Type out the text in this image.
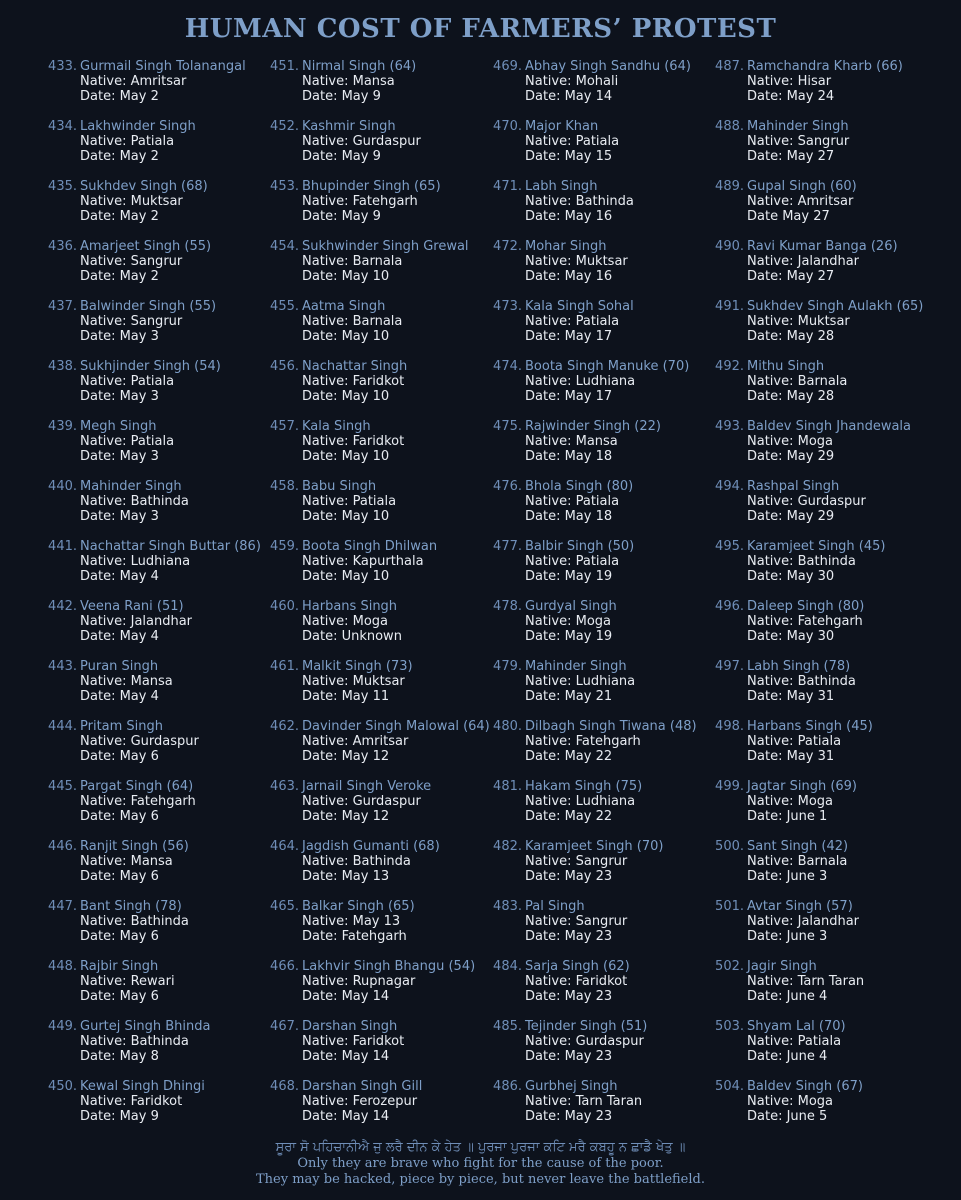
HUMAN COST OF FARMERS’ PROTEST
433. Gurmail Singh Tolanangal
Native: Amritsar
Date: May 2
434. Lakhwinder Singh
Native: Patiala
Date: May 2
435. Sukhdev Singh (68)
Native: Muktsar
Date: May 2
436. Amarjeet Singh (55)
Native: Sangrur
Date: May 2
437. Balwinder Singh (55)
Native: Sangrur
Date: May 3
438. Sukhjinder Singh (54)
Native: Patiala
Date: May 3
439. Megh Singh
Native: Patiala
Date: May 3
440. Mahinder Singh
Native: Bathinda
Date: May 3
441. Nachattar Singh Buttar (86)
Native: Ludhiana
Date: May 4
442. Veena Rani (51)
Native: Jalandhar
Date: May 4
443. Puran Singh
Native: Mansa
Date: May 4
444. Pritam Singh
Native: Gurdaspur
Date: May 6
445. Pargat Singh (64)
Native: Fatehgarh
Date: May 6
446. Ranjit Singh (56)
Native: Mansa
Date: May 6
447. Bant Singh (78)
Native: Bathinda
Date: May 6
448. Rajbir Singh
Native: Rewari
Date: May 6
449. Gurtej Singh Bhinda
Native: Bathinda
Date: May 8
450. Kewal Singh Dhingi
Native: Faridkot
Date: May 9
451. Nirmal Singh (64)
Native: Mansa
Date: May 9
452. Kashmir Singh
Native: Gurdaspur
Date: May 9
453. Bhupinder Singh (65)
Native: Fatehgarh
Date: May 9
454. Sukhwinder Singh Grewal
Native: Barnala
Date: May 10
455. Aatma Singh
Native: Barnala
Date: May 10
456. Nachattar Singh
Native: Faridkot
Date: May 10
457. Kala Singh
Native: Faridkot
Date: May 10
458. Babu Singh
Native: Patiala
Date: May 10
459. Boota Singh Dhilwan
Native: Kapurthala
Date: May 10
460. Harbans Singh
Native: Moga
Date: Unknown
461. Malkit Singh (73)
Native: Muktsar
Date: May 11
462. Davinder Singh Malowal (64)
Native: Amritsar
Date: May 12
463. Jarnail Singh Veroke
Native: Gurdaspur
Date: May 12
464. Jagdish Gumanti (68)
Native: Bathinda
Date: May 13
465. Balkar Singh (65)
Native: May 13
Date: Fatehgarh
466. Lakhvir Singh Bhangu (54)
Native: Rupnagar
Date: May 14
467. Darshan Singh
Native: Faridkot
Date: May 14
468. Darshan Singh Gill
Native: Ferozepur
Date: May 14
469. Abhay Singh Sandhu (64)
Native: Mohali
Date: May 14
470. Major Khan
Native: Patiala
Date: May 15
471. Labh Singh
Native: Bathinda
Date: May 16
472. Mohar Singh
Native: Muktsar
Date: May 16
473. Kala Singh Sohal
Native: Patiala
Date: May 17
474. Boota Singh Manuke (70)
Native: Ludhiana
Date: May 17
475. Rajwinder Singh (22)
Native: Mansa
Date: May 18
476. Bhola Singh (80)
Native: Patiala
Date: May 18
477. Balbir Singh (50)
Native: Patiala
Date: May 19
478. Gurdyal Singh
Native: Moga
Date: May 19
479. Mahinder Singh
Native: Ludhiana
Date: May 21
480. Dilbagh Singh Tiwana (48)
Native: Fatehgarh
Date: May 22
481. Hakam Singh (75)
Native: Ludhiana
Date: May 22
482. Karamjeet Singh (70)
Native: Sangrur
Date: May 23
483. Pal Singh
Native: Sangrur
Date: May 23
484. Sarja Singh (62)
Native: Faridkot
Date: May 23
485. Tejinder Singh (51)
Native: Gurdaspur
Date: May 23
486. Gurbhej Singh
Native: Tarn Taran
Date: May 23
487. Ramchandra Kharb (66)
Native: Hisar
Date: May 24
488. Mahinder Singh
Native: Sangrur
Date: May 27
489. Gupal Singh (60)
Native: Amritsar
Date May 27
490. Ravi Kumar Banga (26)
Native: Jalandhar
Date: May 27
491. Sukhdev Singh Aulakh (65)
Native: Muktsar
Date: May 28
492. Mithu Singh
Native: Barnala
Date: May 28
493. Baldev Singh Jhandewala
Native: Moga
Date: May 29
494. Rashpal Singh
Native: Gurdaspur
Date: May 29
495. Karamjeet Singh (45)
Native: Bathinda
Date: May 30
496. Daleep Singh (80)
Native: Fatehgarh
Date: May 30
497. Labh Singh (78)
Native: Bathinda
Date: May 31
498. Harbans Singh (45)
Native: Patiala
Date: May 31
499. Jagtar Singh (69)
Native: Moga
Date: June 1
500. Sant Singh (42)
Native: Barnala
Date: June 3
501. Avtar Singh (57)
Native: Jalandhar
Date: June 3
502. Jagir Singh
Native: Tarn Taran
Date: June 4
503. Shyam Lal (70)
Native: Patiala
Date: June 4
504. Baldev Singh (67)
Native: Moga
Date: June 5
ਸੂਰਾ ਸੋ ਪਹਿਚਾਨੀਐ ਜੁ ਲਰੈ ਦੀਨ ਕੇ ਹੇਤ ॥ ਪੁਰਜਾ ਪੁਰਜਾ ਕਟਿ ਮਰੈ ਕਬਹੂ ਨ ਛਾਡੈ ਖੇਤੁ ॥
Only they are brave who fight for the cause of the poor.
They may be hacked, piece by piece, but never leave the battlefield.
